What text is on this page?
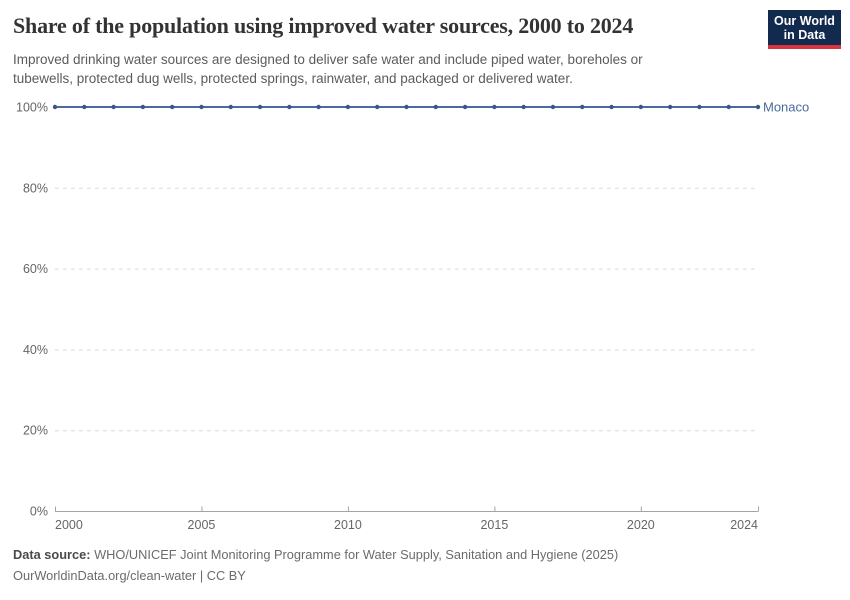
Share of the population using improved water sources, 2000 to 2024
Improved drinking water sources are designed to deliver safe water and include piped water, boreholes or
tubewells, protected dug wells, protected springs, rainwater, and packaged or delivered water.
Our World
in Data
0%
20%
40%
60%
80%
100%
2000	2005	2010	2015	2020	2024
Monaco
Data source: WHO/UNICEF Joint Monitoring Programme for Water Supply, Sanitation and Hygiene (2025)
OurWorldinData.org/clean-water | CC BY
